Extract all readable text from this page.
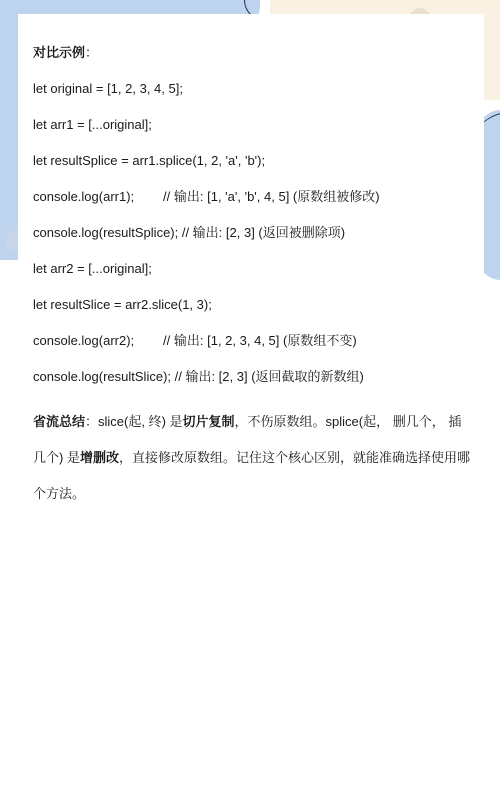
对比示例：

let original = [1, 2, 3, 4, 5];

let arr1 = [...original];

let resultSplice = arr1.splice(1, 2, 'a', 'b');

console.log(arr1);        // 输出: [1, 'a', 'b', 4, 5] (原数组被修改)

console.log(resultSplice); // 输出: [2, 3] (返回被删除项)

let arr2 = [...original];

let resultSlice = arr2.slice(1, 3);

console.log(arr2);        // 输出: [1, 2, 3, 4, 5] (原数组不变)

console.log(resultSlice); // 输出: [2, 3] (返回截取的新数组)

省流总结：slice(起, 终) 是切片复制，不伤原数组。splice(起， 删几个， 插几个) 是增删改，直接修改原数组。记住这个核心区别，就能准确选择使用哪个方法。
